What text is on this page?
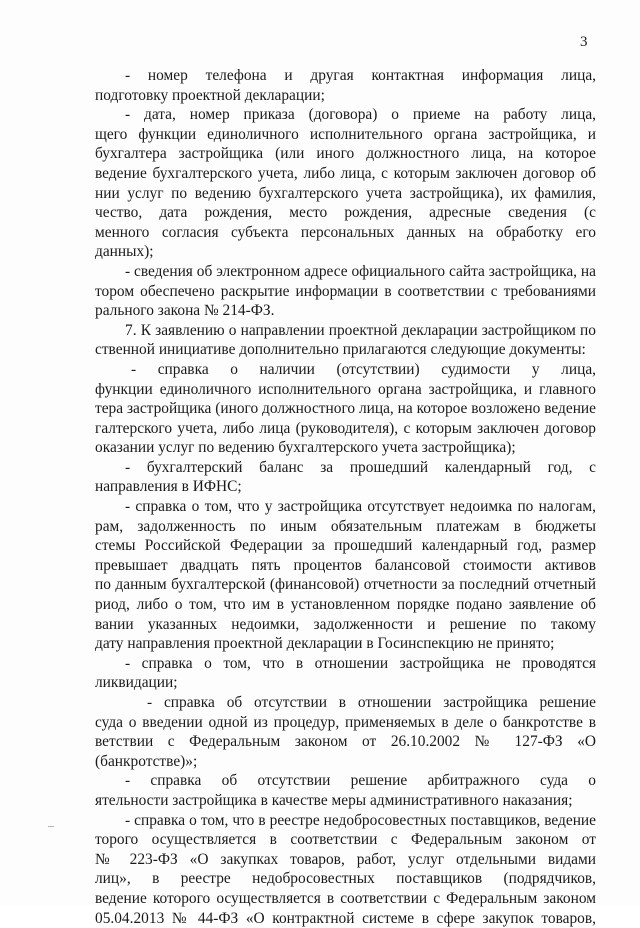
3
- номер телефона и другая контактная информация лица,
подготовку проектной декларации;
- дата, номер приказа (договора) о приеме на работу лица,
щего функции единоличного исполнительного органа застройщика, и
бухгалтера застройщика (или иного должностного лица, на которое
ведение бухгалтерского учета, либо лица, с которым заключен договор об
нии услуг по ведению бухгалтерского учета застройщика), их фамилия,
чество, дата рождения, место рождения, адресные сведения (с
менного согласия субъекта персональных данных на обработку его
данных);
- сведения об электронном адресе официального сайта застройщика, на
тором обеспечено раскрытие информации в соответствии с требованиями
рального закона № 214-ФЗ.
7. К заявлению о направлении проектной декларации застройщиком по
ственной инициативе дополнительно прилагаются следующие документы:
- справка о наличии (отсутствии) судимости у лица,
функции единоличного исполнительного органа застройщика, и главного
тера застройщика (иного должностного лица, на которое возложено ведение
галтерского учета, либо лица (руководителя), с которым заключен договор
оказании услуг по ведению бухгалтерского учета застройщика);
- бухгалтерский баланс за прошедший календарный год, с
направления в ИФНС;
- справка о том, что у застройщика отсутствует недоимка по налогам,
рам, задолженность по иным обязательным платежам в бюджеты
стемы Российской Федерации за прошедший календарный год, размер
превышает двадцать пять процентов балансовой стоимости активов
по данным бухгалтерской (финансовой) отчетности за последний отчетный
риод, либо о том, что им в установленном порядке подано заявление об
вании указанных недоимки, задолженности и решение по такому
дату направления проектной декларации в Госинспекцию не принято;
- справка о том, что в отношении застройщика не проводятся
ликвидации;
- справка об отсутствии в отношении застройщика решение
суда о введении одной из процедур, применяемых в деле о банкротстве в
ветствии с Федеральным законом от 26.10.2002 № 127-ФЗ «О
(банкротстве)»;
- справка об отсутствии решение арбитражного суда о
ятельности застройщика в качестве меры административного наказания;
- справка о том, что в реестре недобросовестных поставщиков, ведение
торого осуществляется в соответствии с Федеральным законом от
№ 223-ФЗ «О закупках товаров, работ, услуг отдельными видами
лиц», в реестре недобросовестных поставщиков (подрядчиков,
ведение которого осуществляется в соответствии с Федеральным законом
05.04.2013 № 44-ФЗ «О контрактной системе в сфере закупок товаров,
